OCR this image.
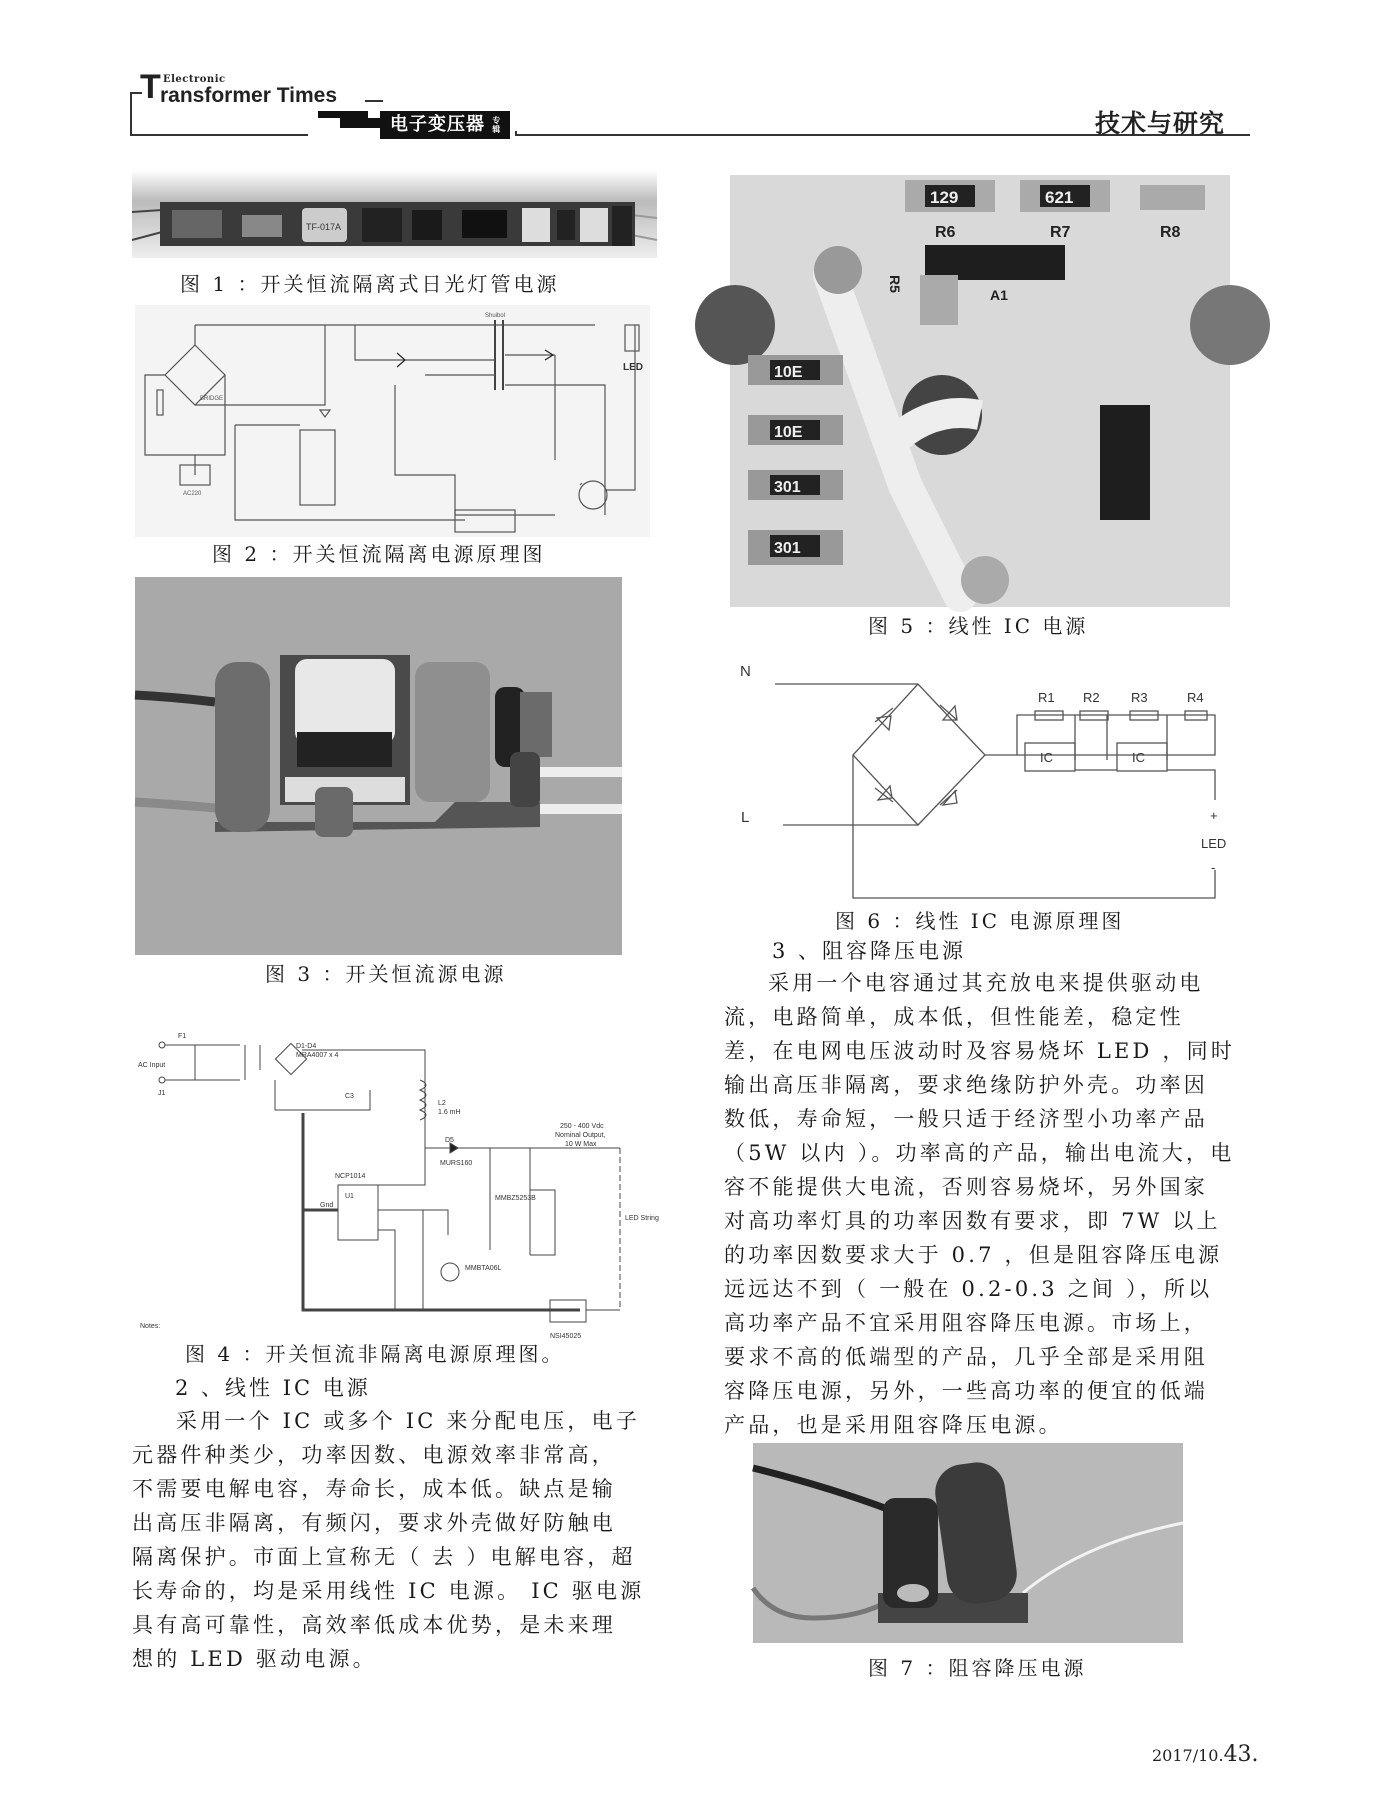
T Electronic
ransformer Times
电子变压器 专辑	技术与研究
TF-017A
图 1 ：开关恒流隔离式日光灯管电源
LED
BRIDGE
AC220
Shuibol
图 2 ：开关恒流隔离电源原理图
图 3 ：开关恒流源电源
AC Input
J1
F1
D1-D4
MRA4007 x 4
C3
L2
1.6 mH
D5
MURS160
250 - 400 Vdc
Nominal Output,
10 W Max
NCP1014
U1
Gnd
LED String
MMBZ5253B
MMBTA06L
NSI45025
Notes:
图 4 ：开关恒流非隔离电源原理图。
2 、线性 IC 电源
采用一个 IC 或多个 IC 来分配电压，电子
元器件种类少，功率因数、电源效率非常高，
不需要电解电容，寿命长，成本低。缺点是输
出高压非隔离，有频闪，要求外壳做好防触电
隔离保护。市面上宣称无（ 去 ）电解电容，超
长寿命的，均是采用线性 IC 电源。 IC 驱电源
具有高可靠性，高效率低成本优势，是未来理
想的 LED 驱动电源。
129
R6
621
R7	R8
A1
R5
10E
10E
301
301
图 5 ：线性 IC 电源
N
L
R1 R2 R3	R4
IC	IC
+
LED
-
图 6 ：线性 IC 电源原理图
3 、阻容降压电源
采用一个电容通过其充放电来提供驱动电
流，电路简单，成本低，但性能差，稳定性
差，在电网电压波动时及容易烧坏 LED ，同时
输出高压非隔离，要求绝缘防护外壳。功率因
数低，寿命短，一般只适于经济型小功率产品
（5W 以内 ）。功率高的产品，输出电流大，电
容不能提供大电流，否则容易烧坏，另外国家
对高功率灯具的功率因数有要求，即 7W 以上
的功率因数要求大于 0.7 ，但是阻容降压电源
远远达不到（ 一般在 0.2-0.3 之间 ），所以
高功率产品不宜采用阻容降压电源。市场上，
要求不高的低端型的产品，几乎全部是采用阻
容降压电源，另外，一些高功率的便宜的低端
产品，也是采用阻容降压电源。
图 7 ：阻容降压电源
2017/10.43.
